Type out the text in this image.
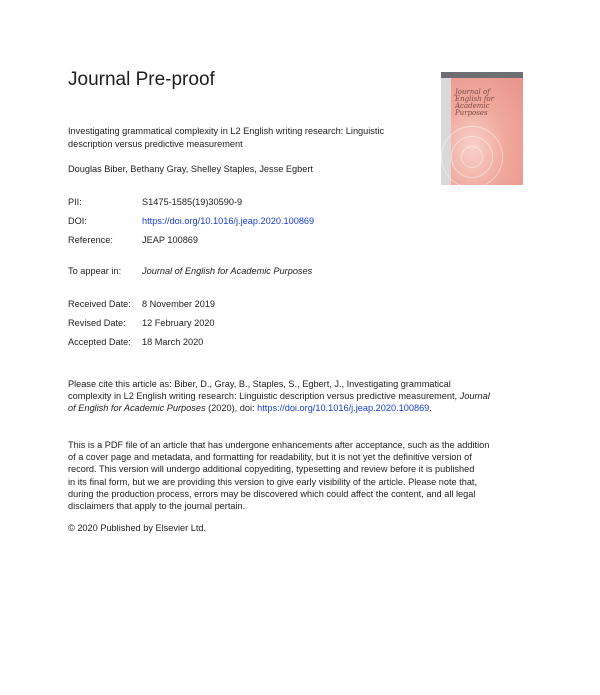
Journal Pre-proof
Journal of
English for
Academic
Purposes
Investigating grammatical complexity in L2 English writing research: Linguistic
description versus predictive measurement
Douglas Biber, Bethany Gray, Shelley Staples, Jesse Egbert
PII:	S1475-1585(19)30590-9
DOI:	https://doi.org/10.1016/j.jeap.2020.100869
Reference:	JEAP 100869
To appear in: Journal of English for Academic Purposes
Received Date: 8 November 2019
Revised Date: 12 February 2020
Accepted Date: 18 March 2020
Please cite this article as: Biber, D., Gray, B., Staples, S., Egbert, J., Investigating grammatical
complexity in L2 English writing research: Linguistic description versus predictive measurement, Journal
of English for Academic Purposes (2020), doi: https://doi.org/10.1016/j.jeap.2020.100869.
This is a PDF file of an article that has undergone enhancements after acceptance, such as the addition
of a cover page and metadata, and formatting for readability, but it is not yet the definitive version of
record. This version will undergo additional copyediting, typesetting and review before it is published
in its final form, but we are providing this version to give early visibility of the article. Please note that,
during the production process, errors may be discovered which could affect the content, and all legal
disclaimers that apply to the journal pertain.
© 2020 Published by Elsevier Ltd.
